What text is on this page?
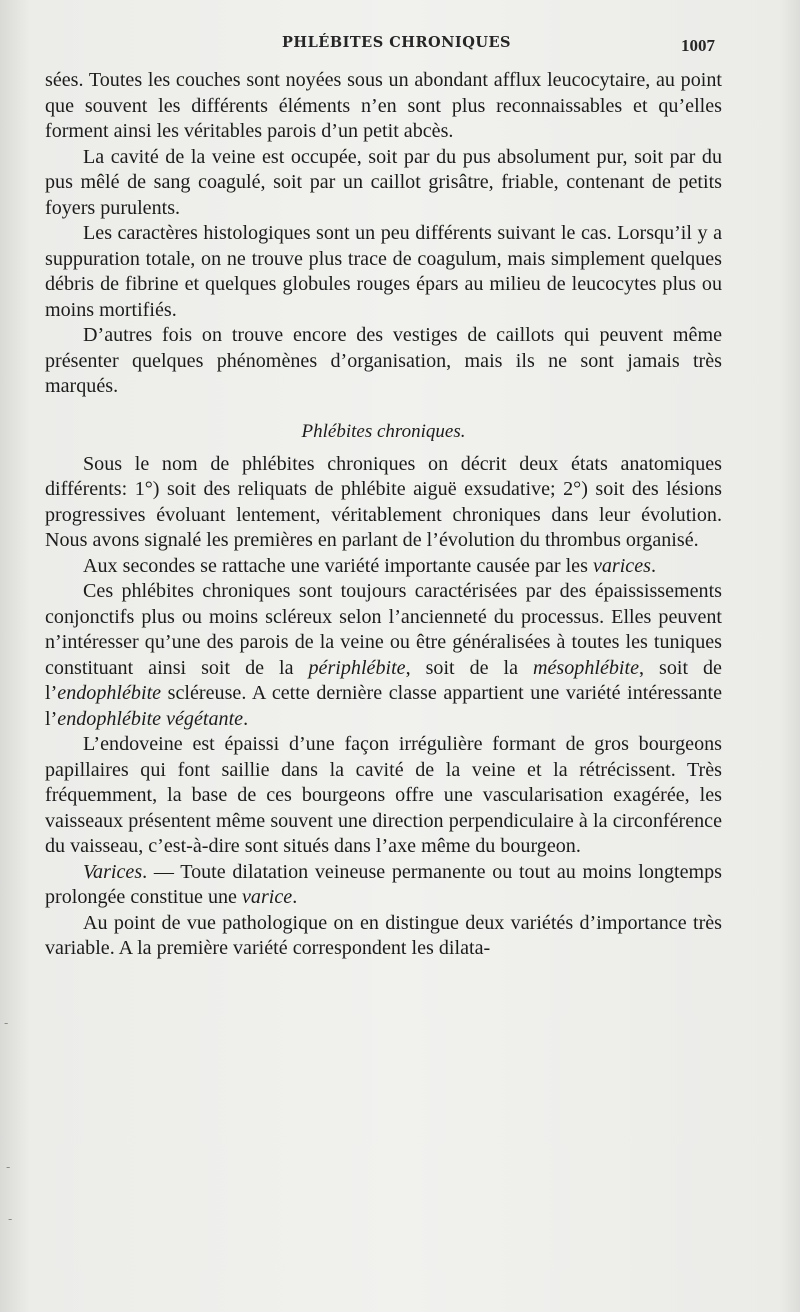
PHLÉBITES CHRONIQUES	1007

sées. Toutes les couches sont noyées sous un abondant afflux leucocytaire, au point que souvent les différents éléments n’en sont plus reconnaissables et qu’elles forment ainsi les véritables parois d’un petit abcès.

La cavité de la veine est occupée, soit par du pus absolument pur, soit par du pus mêlé de sang coagulé, soit par un caillot grisâtre, friable, contenant de petits foyers purulents.

Les caractères histologiques sont un peu différents suivant le cas. Lorsqu’il y a suppuration totale, on ne trouve plus trace de coagulum, mais simplement quelques débris de fibrine et quelques globules rouges épars au milieu de leucocytes plus ou moins mortifiés.

D’autres fois on trouve encore des vestiges de caillots qui peuvent même présenter quelques phénomènes d’organisation, mais ils ne sont jamais très marqués.

Phlébites chroniques.

Sous le nom de phlébites chroniques on décrit deux états anatomiques différents: 1°) soit des reliquats de phlébite aiguë exsudative; 2°) soit des lésions progressives évoluant lentement, véritablement chroniques dans leur évolution. Nous avons signalé les premières en parlant de l’évolution du thrombus organisé.

Aux secondes se rattache une variété importante causée par les varices.

Ces phlébites chroniques sont toujours caractérisées par des épaississements conjonctifs plus ou moins scléreux selon l’ancienneté du processus. Elles peuvent n’intéresser qu’une des parois de la veine ou être généralisées à toutes les tuniques constituant ainsi soit de la périphlébite, soit de la mésophlébite, soit de l’endophlébite scléreuse. A cette dernière classe appartient une variété intéressante l’endophlébite végétante.

L’endoveine est épaissi d’une façon irrégulière formant de gros bourgeons papillaires qui font saillie dans la cavité de la veine et la rétrécissent. Très fréquemment, la base de ces bourgeons offre une vascularisation exagérée, les vaisseaux présentent même souvent une direction perpendiculaire à la circonférence du vaisseau, c’est-à-dire sont situés dans l’axe même du bourgeon.

Varices. — Toute dilatation veineuse permanente ou tout au moins longtemps prolongée constitue une varice.

Au point de vue pathologique on en distingue deux variétés d’importance très variable. A la première variété correspondent les dilata-

-
-
-
